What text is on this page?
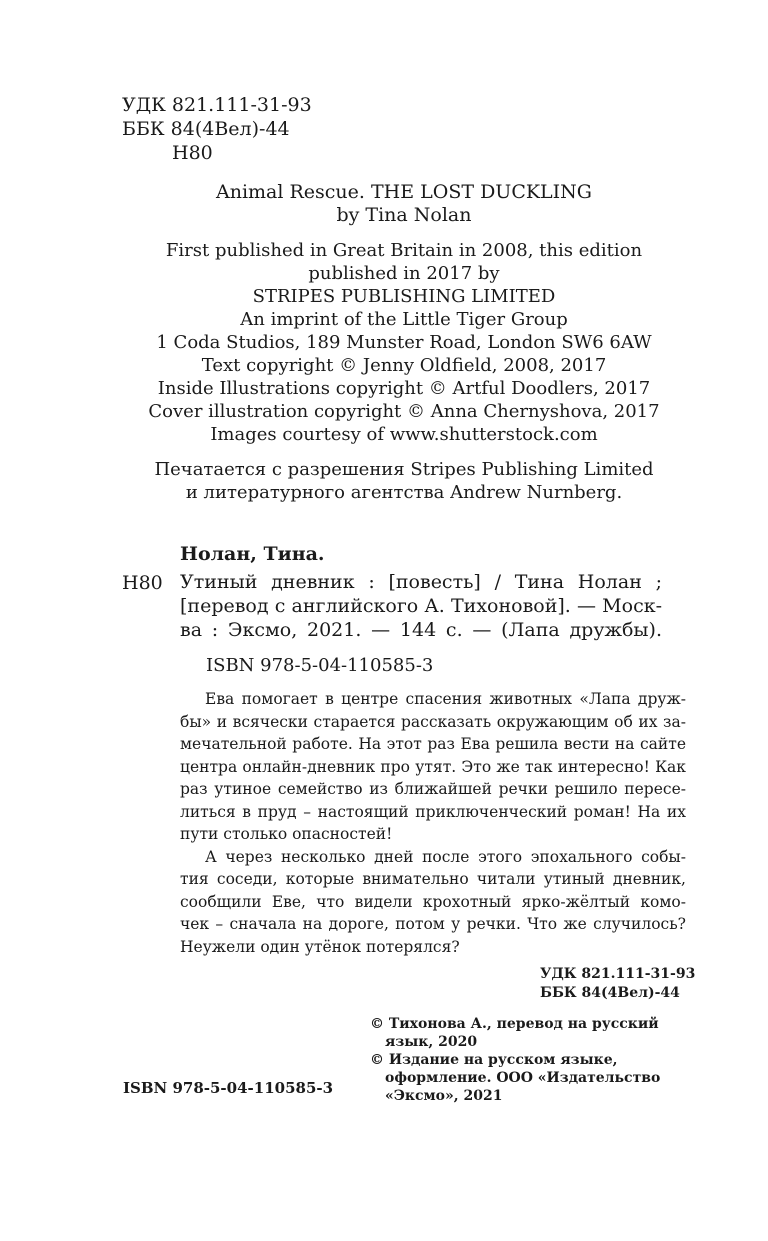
УДК 821.111-31-93
ББК 84(4Вел)-44
Н80
Animal Rescue. THE LOST DUCKLING
by Tina Nolan
First published in Great Britain in 2008, this edition
published in 2017 by
STRIPES PUBLISHING LIMITED
An imprint of the Little Tiger Group
1 Coda Studios, 189 Munster Road, London SW6 6AW
Text copyright © Jenny Oldfield, 2008, 2017
Inside Illustrations copyright © Artful Doodlers, 2017
Cover illustration copyright © Anna Chernyshova, 2017
Images courtesy of www.shutterstock.com
Печатается с разрешения Stripes Publishing Limited
и литературного агентства Andrew Nurnberg.
Нолан, Тина.
Н80 Утиный дневник : [повесть] / Тина Нолан ;
[перевод с английского А. Тихоновой]. — Моск-
ва : Эксмо, 2021. — 144 с. — (Лапа дружбы).
ISBN 978-5-04-110585-3
Ева помогает в центре спасения животных «Лапа друж-
бы» и всячески старается рассказать окружающим об их за-
мечательной работе. На этот раз Ева решила вести на сайте
центра онлайн-дневник про утят. Это же так интересно! Как
раз утиное семейство из ближайшей речки решило пересе-
литься в пруд – настоящий приключенческий роман! На их
пути столько опасностей!
А через несколько дней после этого эпохального собы-
тия соседи, которые внимательно читали утиный дневник,
сообщили Еве, что видели крохотный ярко-жёлтый комо-
чек – сначала на дороге, потом у речки. Что же случилось?
Неужели один утёнок потерялся?
УДК 821.111-31-93
ББК 84(4Вел)-44
© Тихонова А., перевод на русский
язык, 2020
© Издание на русском языке,
оформление. ООО «Издательство
«Эксмо», 2021
ISBN 978-5-04-110585-3
